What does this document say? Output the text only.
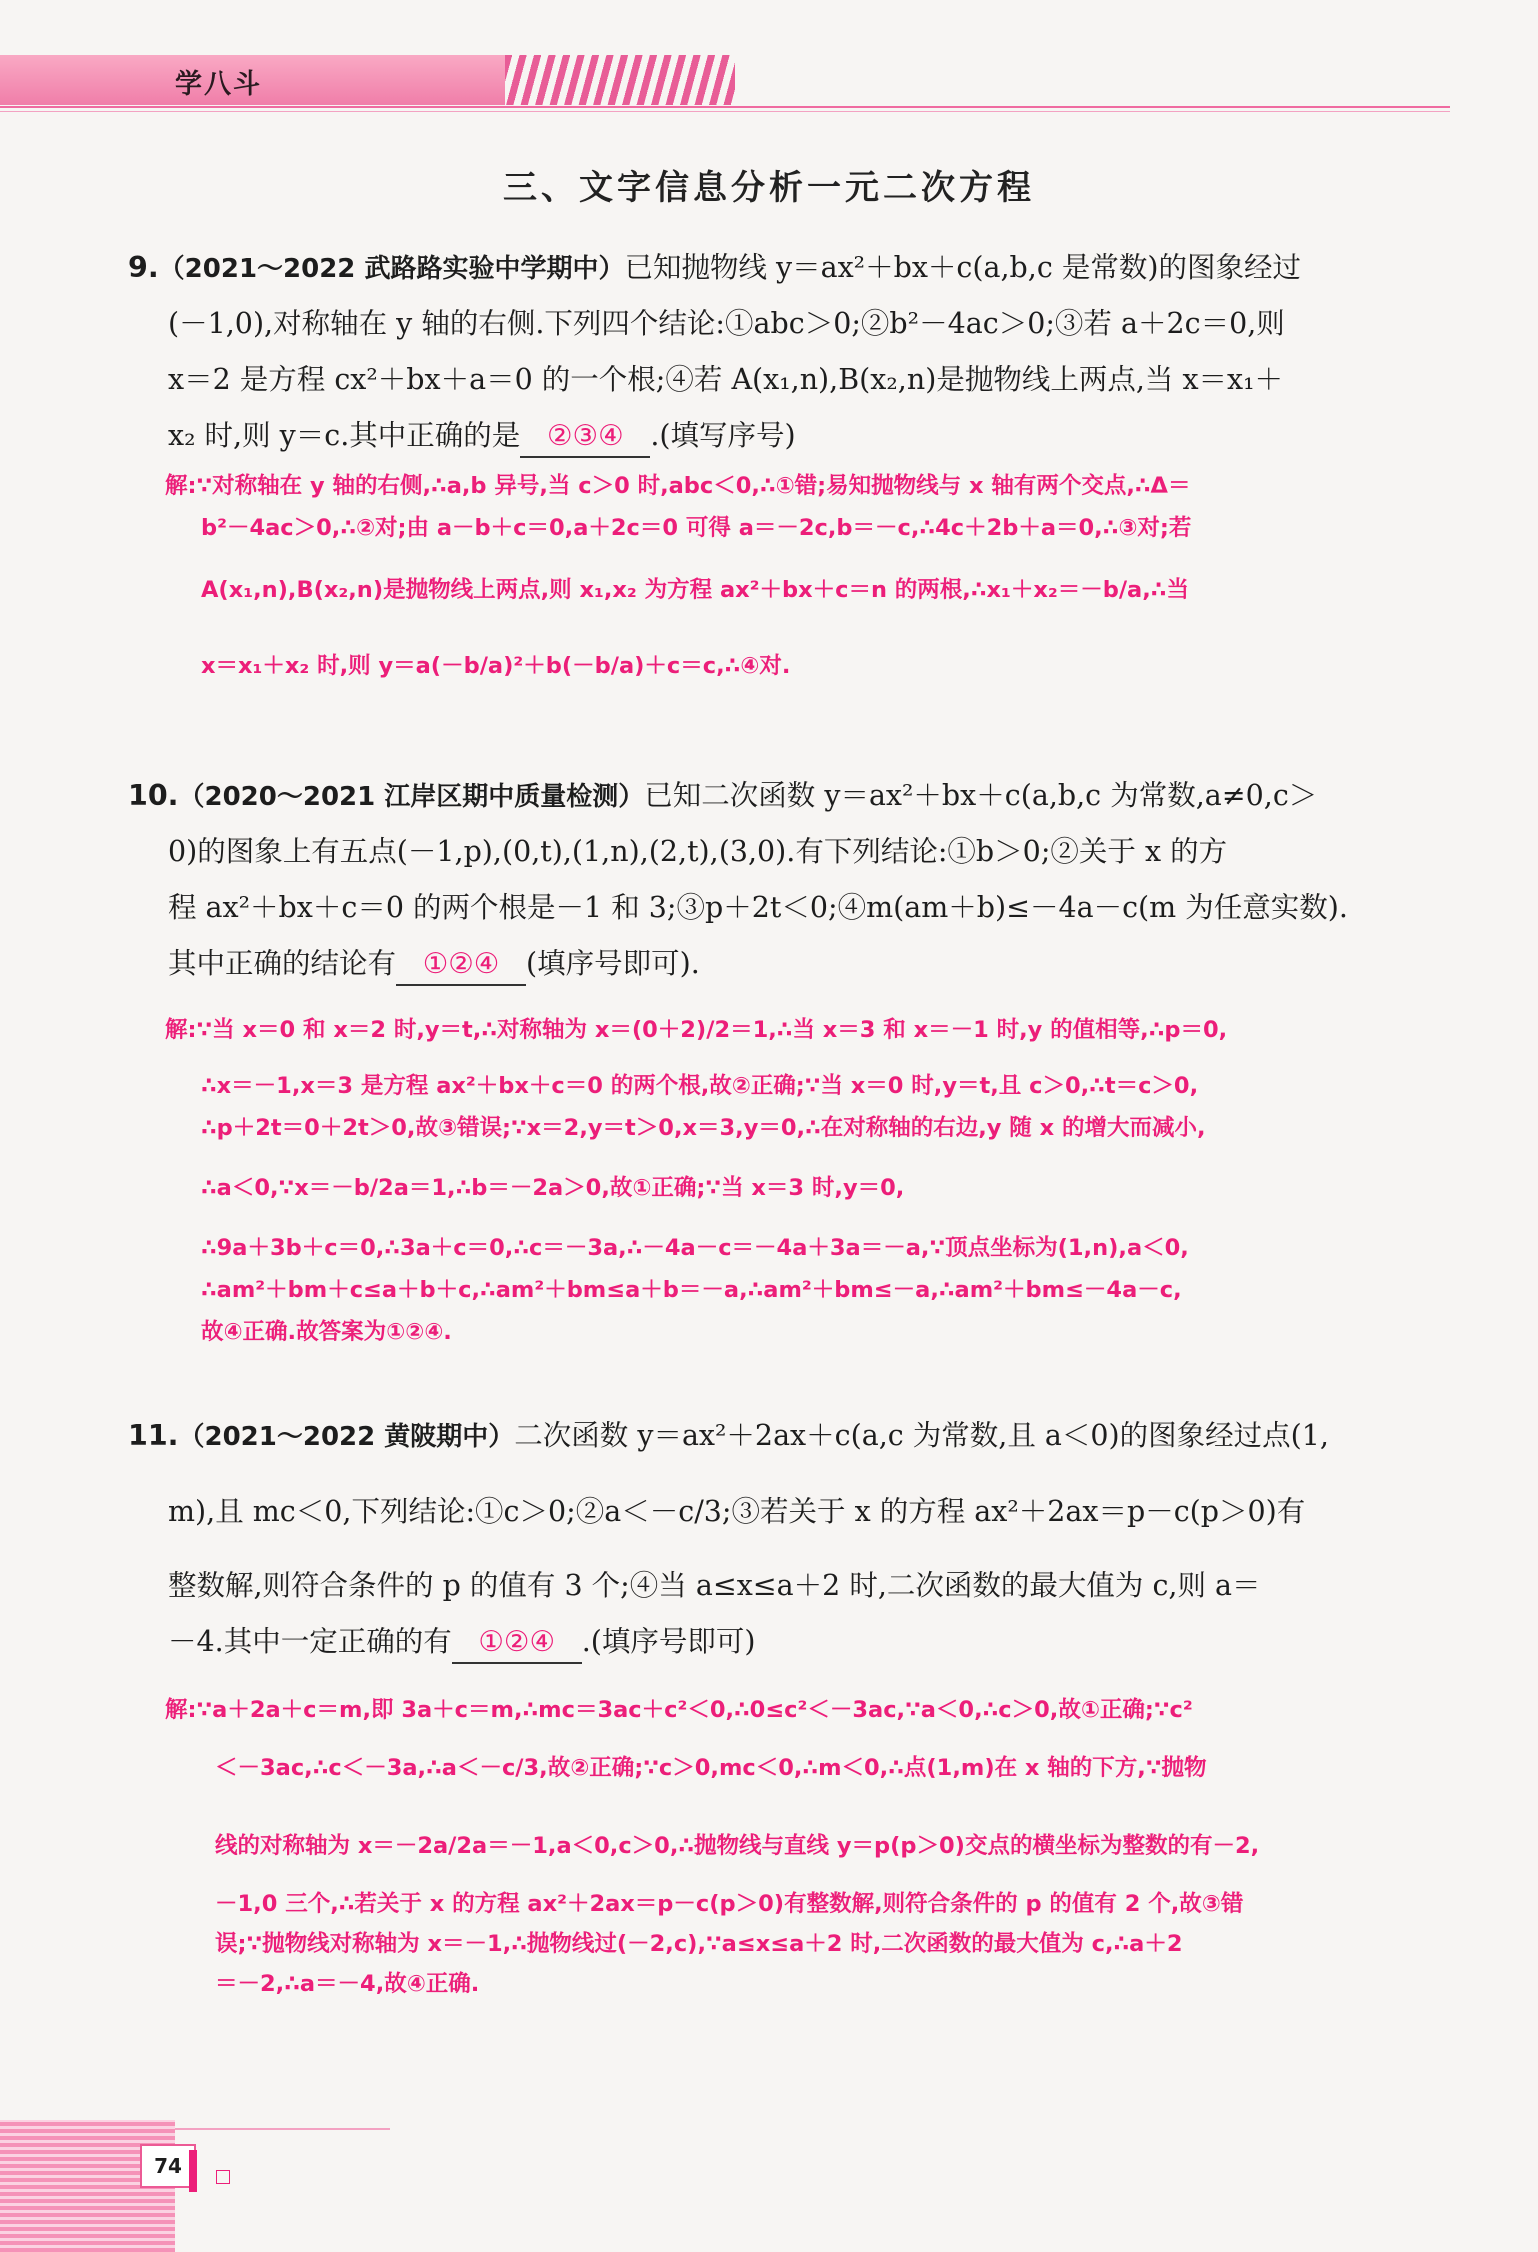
学八斗
三、文字信息分析一元二次方程
9.（2021～2022 武路路实验中学期中）已知抛物线 y＝ax²＋bx＋c(a,b,c 是常数)的图象经过
(－1,0),对称轴在 y 轴的右侧.下列四个结论:①abc＞0;②b²－4ac＞0;③若 a＋2c＝0,则
x＝2 是方程 cx²＋bx＋a＝0 的一个根;④若 A(x₁,n),B(x₂,n)是抛物线上两点,当 x＝x₁＋
x₂ 时,则 y＝c.其中正确的是 ②③④ .(填写序号)
解:∵对称轴在 y 轴的右侧,∴a,b 异号,当 c＞0 时,abc＜0,∴①错;易知抛物线与 x 轴有两个交点,∴Δ＝
b²－4ac＞0,∴②对;由 a－b＋c＝0,a＋2c＝0 可得 a＝－2c,b＝－c,∴4c＋2b＋a＝0,∴③对;若
A(x₁,n),B(x₂,n)是抛物线上两点,则 x₁,x₂ 为方程 ax²＋bx＋c＝n 的两根,∴x₁＋x₂＝－b/a,∴当
x＝x₁＋x₂ 时,则 y＝a(－b/a)²＋b(－b/a)＋c＝c,∴④对.
10.（2020～2021 江岸区期中质量检测）已知二次函数 y＝ax²＋bx＋c(a,b,c 为常数,a≠0,c＞
0)的图象上有五点(－1,p),(0,t),(1,n),(2,t),(3,0).有下列结论:①b＞0;②关于 x 的方
程 ax²＋bx＋c＝0 的两个根是－1 和 3;③p＋2t＜0;④m(am＋b)≤－4a－c(m 为任意实数).
其中正确的结论有 ①②④ (填序号即可).
解:∵当 x＝0 和 x＝2 时,y＝t,∴对称轴为 x＝(0＋2)/2＝1,∴当 x＝3 和 x＝－1 时,y 的值相等,∴p＝0,
∴x＝－1,x＝3 是方程 ax²＋bx＋c＝0 的两个根,故②正确;∵当 x＝0 时,y＝t,且 c＞0,∴t＝c＞0,
∴p＋2t＝0＋2t＞0,故③错误;∵x＝2,y＝t＞0,x＝3,y＝0,∴在对称轴的右边,y 随 x 的增大而减小,
∴a＜0,∵x＝－b/2a＝1,∴b＝－2a＞0,故①正确;∵当 x＝3 时,y＝0,
∴9a＋3b＋c＝0,∴3a＋c＝0,∴c＝－3a,∴－4a－c＝－4a＋3a＝－a,∵顶点坐标为(1,n),a＜0,
∴am²＋bm＋c≤a＋b＋c,∴am²＋bm≤a＋b＝－a,∴am²＋bm≤－a,∴am²＋bm≤－4a－c,
故④正确.故答案为①②④.
11.（2021～2022 黄陂期中）二次函数 y＝ax²＋2ax＋c(a,c 为常数,且 a＜0)的图象经过点(1,
m),且 mc＜0,下列结论:①c＞0;②a＜－c/3;③若关于 x 的方程 ax²＋2ax＝p－c(p＞0)有
整数解,则符合条件的 p 的值有 3 个;④当 a≤x≤a＋2 时,二次函数的最大值为 c,则 a＝
－4.其中一定正确的有 ①②④ .(填序号即可)
解:∵a＋2a＋c＝m,即 3a＋c＝m,∴mc＝3ac＋c²＜0,∴0≤c²＜－3ac,∵a＜0,∴c＞0,故①正确;∵c²
＜－3ac,∴c＜－3a,∴a＜－c/3,故②正确;∵c＞0,mc＜0,∴m＜0,∴点(1,m)在 x 轴的下方,∵抛物
线的对称轴为 x＝－2a/2a＝－1,a＜0,c＞0,∴抛物线与直线 y＝p(p＞0)交点的横坐标为整数的有－2,
－1,0 三个,∴若关于 x 的方程 ax²＋2ax＝p－c(p＞0)有整数解,则符合条件的 p 的值有 2 个,故③错
误;∵抛物线对称轴为 x＝－1,∴抛物线过(－2,c),∵a≤x≤a＋2 时,二次函数的最大值为 c,∴a＋2
＝－2,∴a＝－4,故④正确.
74
